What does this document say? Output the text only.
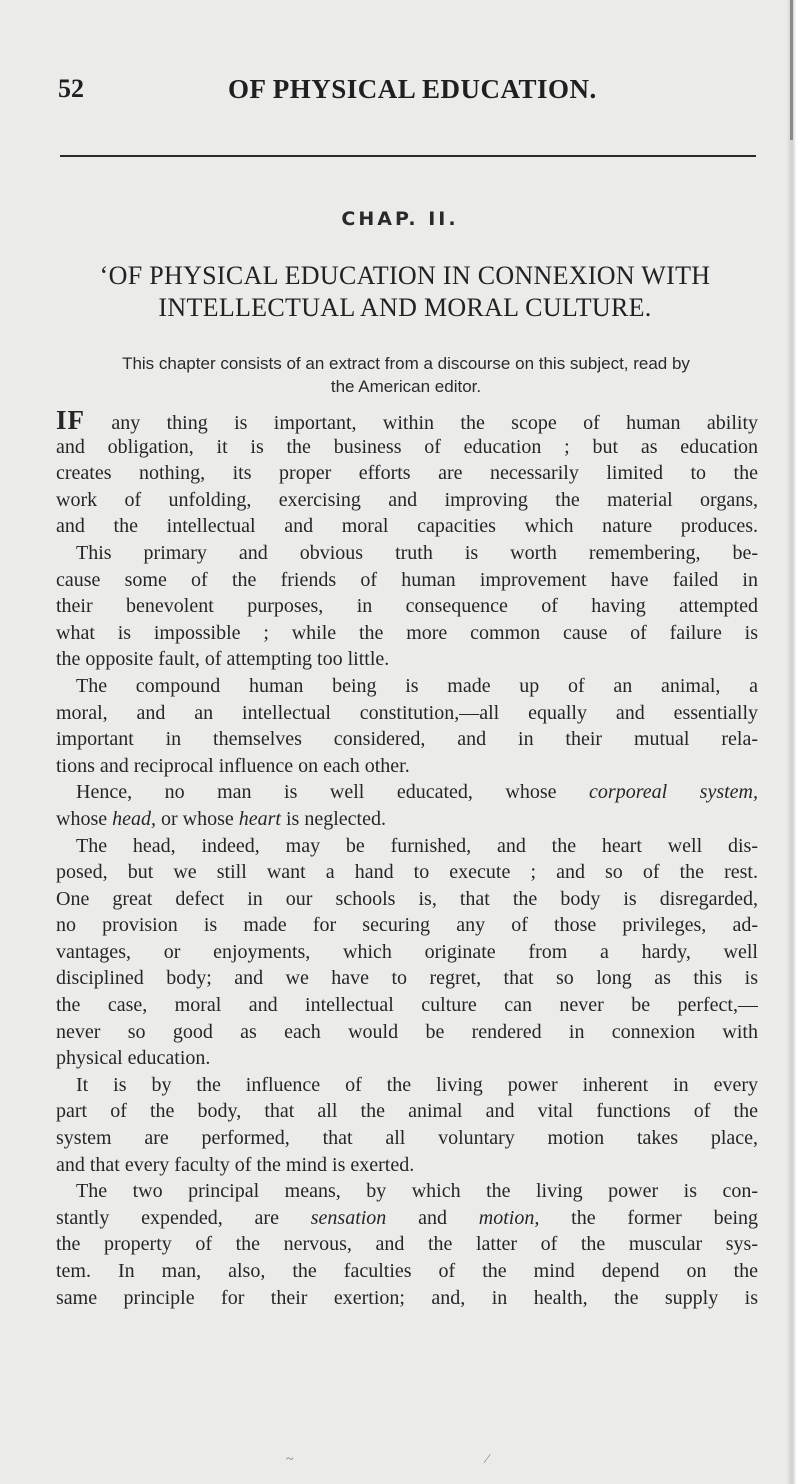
52	OF PHYSICAL EDUCATION.
CHAP. II.
‘OF PHYSICAL EDUCATION IN CONNEXION WITH
INTELLECTUAL AND MORAL CULTURE.
This chapter consists of an extract from a discourse on this subject, read by
the American editor.
IF any thing is important, within the scope of human ability
and obligation, it is the business of education ; but as education
creates nothing, its proper efforts are necessarily limited to the
work of unfolding, exercising and improving the material organs,
and the intellectual and moral capacities which nature produces.
This primary and obvious truth is worth remembering, be-
cause some of the friends of human improvement have failed in
their benevolent purposes, in consequence of having attempted
what is impossible ; while the more common cause of failure is
the opposite fault, of attempting too little.
The compound human being is made up of an animal, a
moral, and an intellectual constitution,—all equally and essentially
important in themselves considered, and in their mutual rela-
tions and reciprocal influence on each other.
Hence, no man is well educated, whose corporeal system,
whose head, or whose heart is neglected.
The head, indeed, may be furnished, and the heart well dis-
posed, but we still want a hand to execute ; and so of the rest.
One great defect in our schools is, that the body is disregarded,
no provision is made for securing any of those privileges, ad-
vantages, or enjoyments, which originate from a hardy, well
disciplined body; and we have to regret, that so long as this is
the case, moral and intellectual culture can never be perfect,—
never so good as each would be rendered in connexion with
physical education.
It is by the influence of the living power inherent in every
part of the body, that all the animal and vital functions of the
system are performed, that all voluntary motion takes place,
and that every faculty of the mind is exerted.
The two principal means, by which the living power is con-
stantly expended, are sensation and motion, the former being
the property of the nervous, and the latter of the muscular sys-
tem. In man, also, the faculties of the mind depend on the
same principle for their exertion; and, in health, the supply is
~	⁄
